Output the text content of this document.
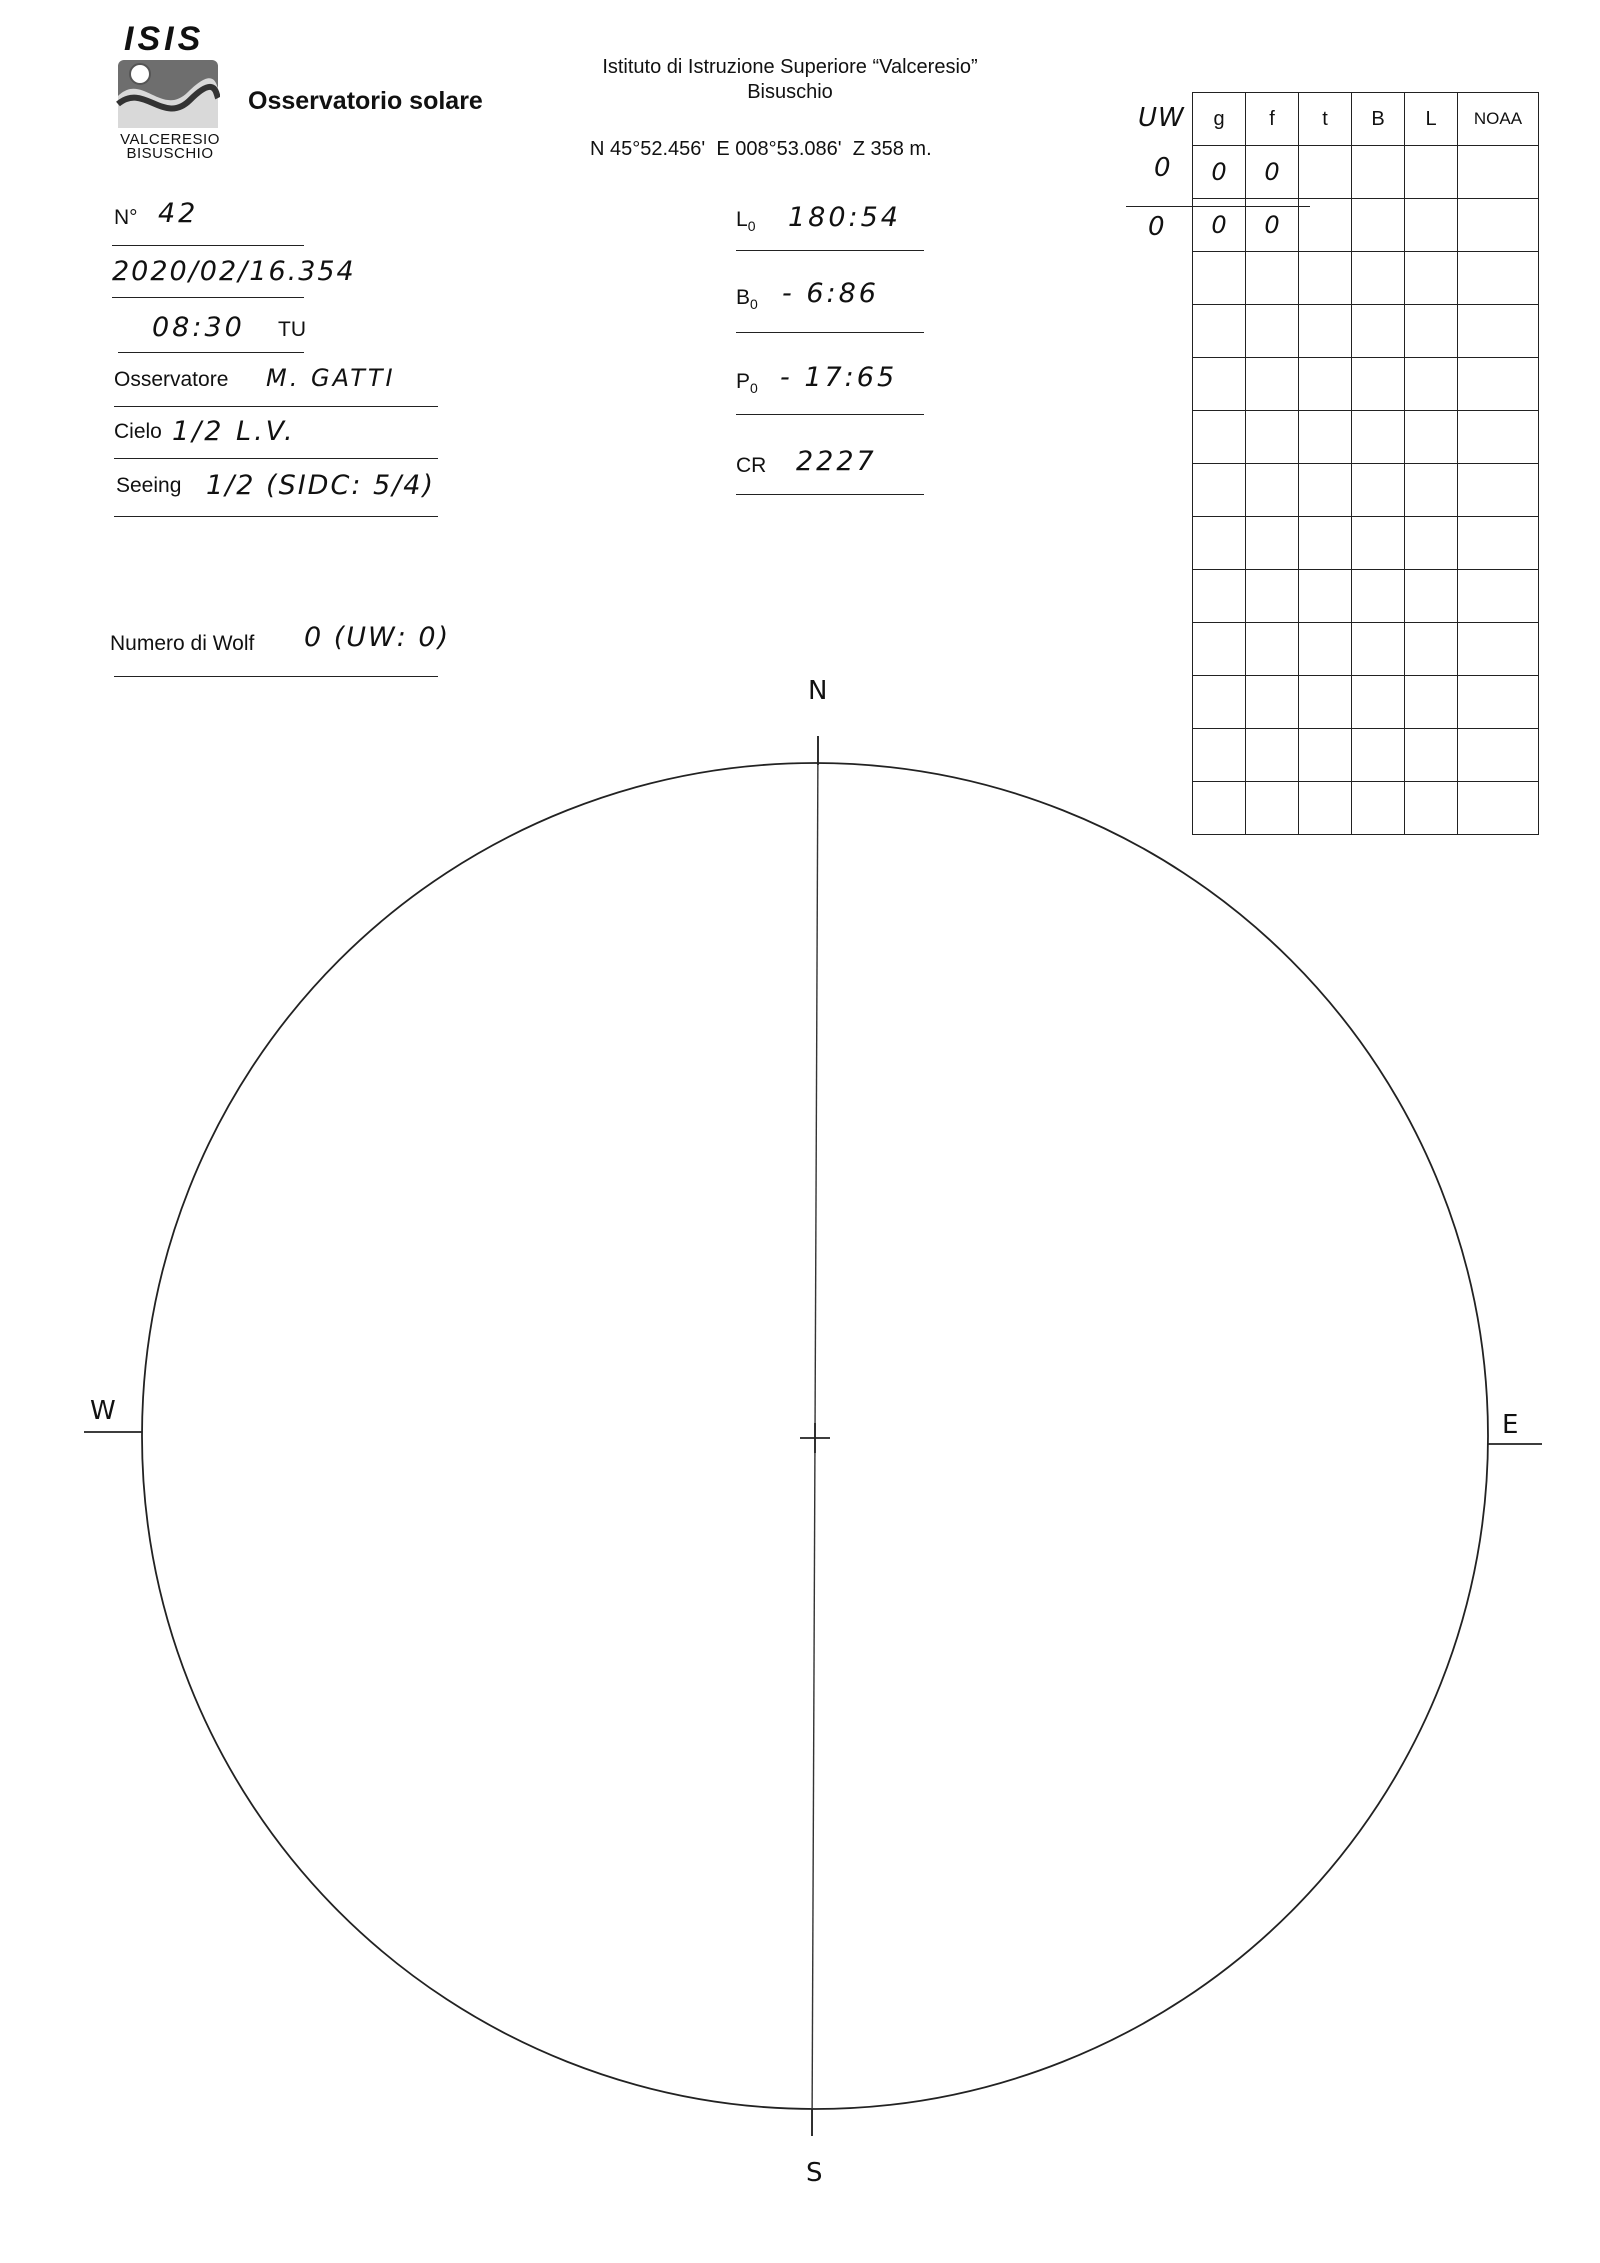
ISIS
VALCERESIO
BISUSCHIO
Osservatorio solare
Istituto di Istruzione Superiore “Valceresio”
Bisuschio
N 45°52.456'  E 008°53.086'  Z 358 m.
N° 42
2020/02/16.354
08:30 TU
Osservatore M. GATTI
Cielo 1/2 L.V.
Seeing 1/2 (SIDC: 5/4)
Numero di Wolf 0 (UW: 0)
$L_0$ 180:54
$B_0$ - 6:86
$P_0$ - 17:65
CR 2227
UW
0
0
g	f	t	B	L	NOAA
0	0				
0	0				

N
S
W	E
